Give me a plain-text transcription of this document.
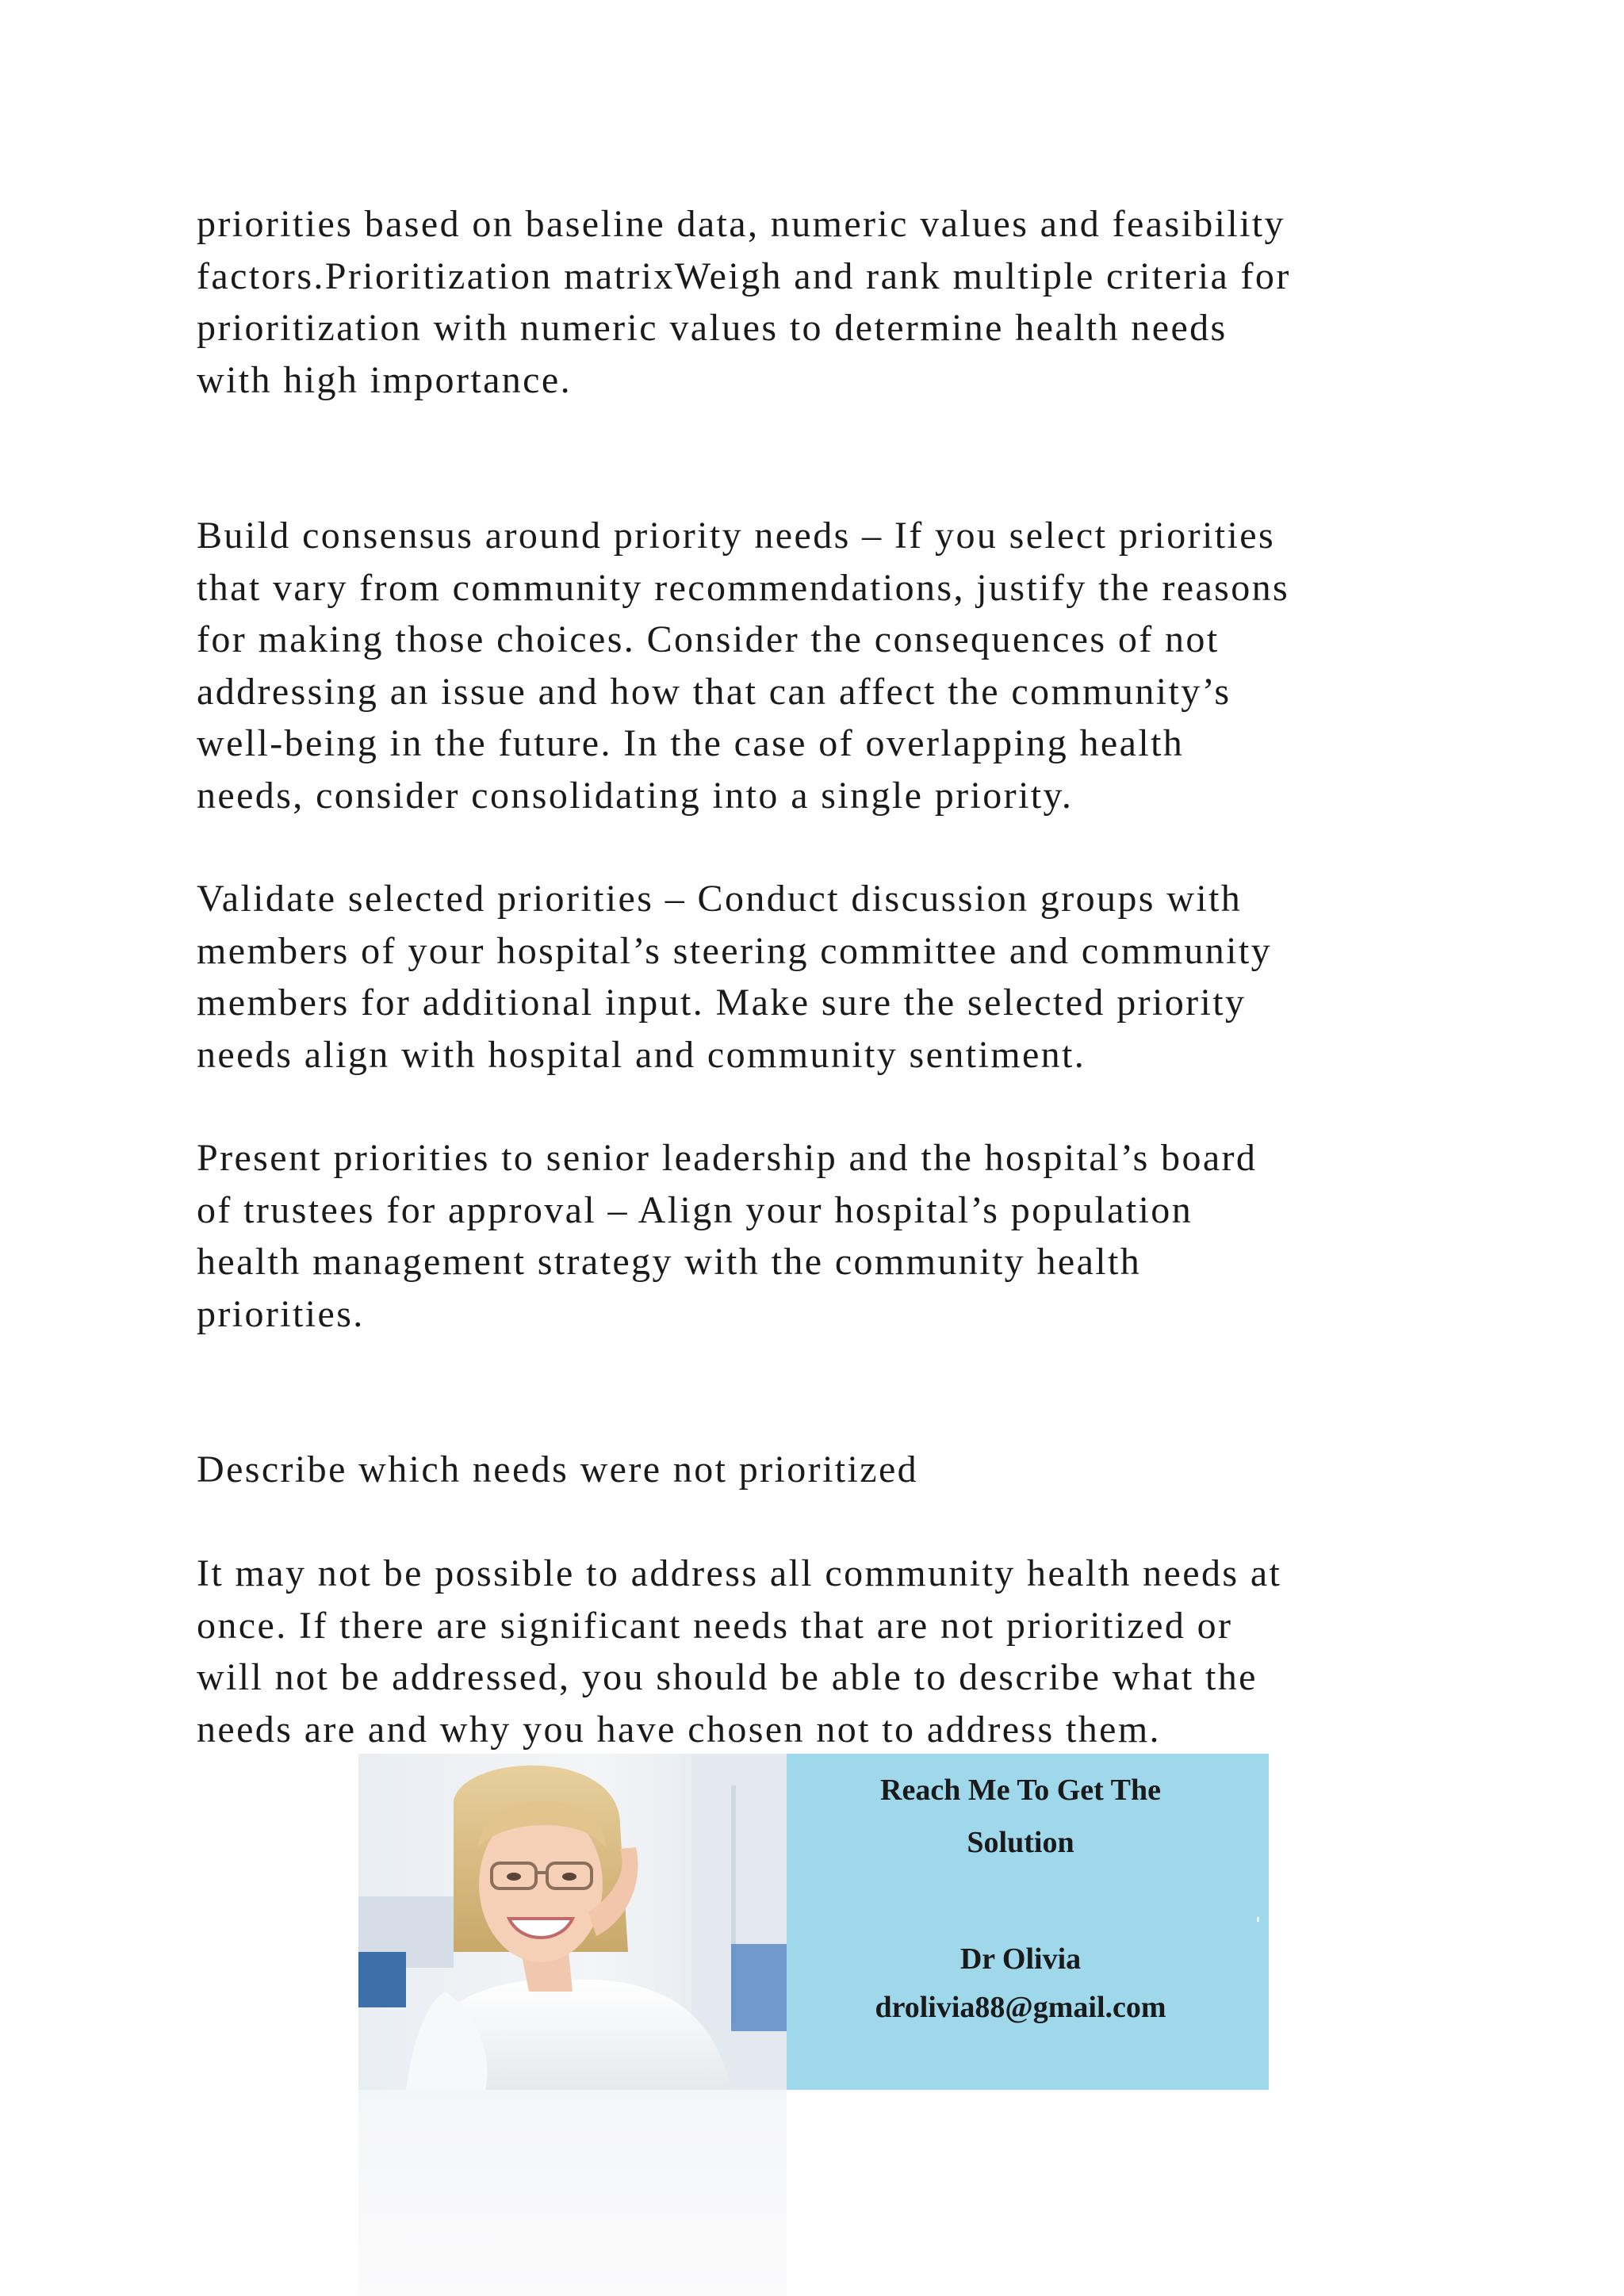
priorities based on baseline data, numeric values and feasibility
factors.Prioritization matrixWeigh and rank multiple criteria for
prioritization with numeric values to determine health needs
with high importance.
Build consensus around priority needs – If you select priorities
that vary from community recommendations, justify the reasons
for making those choices. Consider the consequences of not
addressing an issue and how that can affect the community’s
well-being in the future. In the case of overlapping health
needs, consider consolidating into a single priority.
Validate selected priorities – Conduct discussion groups with
members of your hospital’s steering committee and community
members for additional input. Make sure the selected priority
needs align with hospital and community sentiment.
Present priorities to senior leadership and the hospital’s board
of trustees for approval – Align your hospital’s population
health management strategy with the community health
priorities.
Describe which needs were not prioritized
It may not be possible to address all community health needs at
once. If there are significant needs that are not prioritized or
will not be addressed, you should be able to describe what the
needs are and why you have chosen not to address them.
Reach Me To Get The
Solution
Dr Olivia
drolivia88@gmail.com
